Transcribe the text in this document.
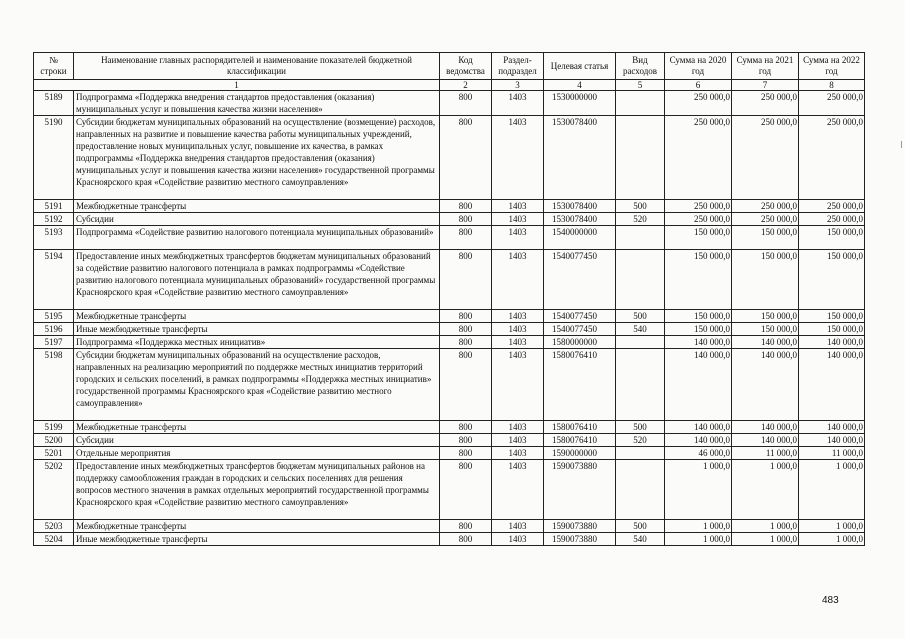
№ строки	Наименование главных распорядителей и наименование показателей бюджетной классификации	Код ведомства	Раздел-подраздел	Целевая статья	Вид расходов	Сумма на 2020 год	Сумма на 2021 год	Сумма на 2022 год
1		2	3	4	5	6	7	8
5189	Подпрограмма «Поддержка внедрения стандартов предоставления (оказания) муниципальных услуг и повышения качества жизни населения»	800	1403	1530000000		250 000,0	250 000,0	250 000,0
5190	Субсидии бюджетам муниципальных образований на осуществление (возмещение) расходов, направленных на развитие и повышение качества работы муниципальных учреждений, предоставление новых муниципальных услуг, повышение их качества, в рамках подпрограммы «Поддержка внедрения стандартов предоставления (оказания) муниципальных услуг и повышения качества жизни населения» государственной программы Красноярского края «Содействие развитию местного самоуправления»	800	1403	1530078400		250 000,0	250 000,0	250 000,0
5191	Межбюджетные трансферты	800	1403	1530078400	500	250 000,0	250 000,0	250 000,0
5192	Субсидии	800	1403	1530078400	520	250 000,0	250 000,0	250 000,0
5193	Подпрограмма «Содействие развитию налогового потенциала муниципальных образований»	800	1403	1540000000		150 000,0	150 000,0	150 000,0
5194	Предоставление иных межбюджетных трансфертов бюджетам муниципальных образований за содействие развитию налогового потенциала в рамках подпрограммы «Содействие развитию налогового потенциала муниципальных образований» государственной программы Красноярского края «Содействие развитию местного самоуправления»	800	1403	1540077450		150 000,0	150 000,0	150 000,0
5195	Межбюджетные трансферты	800	1403	1540077450	500	150 000,0	150 000,0	150 000,0
5196	Иные межбюджетные трансферты	800	1403	1540077450	540	150 000,0	150 000,0	150 000,0
5197	Подпрограмма «Поддержка местных инициатив»	800	1403	1580000000		140 000,0	140 000,0	140 000,0
5198	Субсидии бюджетам муниципальных образований на осуществление расходов, направленных на реализацию мероприятий по поддержке местных инициатив территорий городских и сельских поселений, в рамках подпрограммы «Поддержка местных инициатив» государственной программы Красноярского края «Содействие развитию местного самоуправления»	800	1403	1580076410		140 000,0	140 000,0	140 000,0
5199	Межбюджетные трансферты	800	1403	1580076410	500	140 000,0	140 000,0	140 000,0
5200	Субсидии	800	1403	1580076410	520	140 000,0	140 000,0	140 000,0
5201	Отдельные мероприятия	800	1403	1590000000		46 000,0	11 000,0	11 000,0
5202	Предоставление иных межбюджетных трансфертов бюджетам муниципальных районов на поддержку самообложения граждан в городских и сельских поселениях для решения вопросов местного значения в рамках отдельных мероприятий государственной программы Красноярского края «Содействие развитию местного самоуправления»	800	1403	1590073880		1 000,0	1 000,0	1 000,0
5203	Межбюджетные трансферты	800	1403	1590073880	500	1 000,0	1 000,0	1 000,0
5204	Иные межбюджетные трансферты	800	1403	1590073880	540	1 000,0	1 000,0	1 000,0
483
